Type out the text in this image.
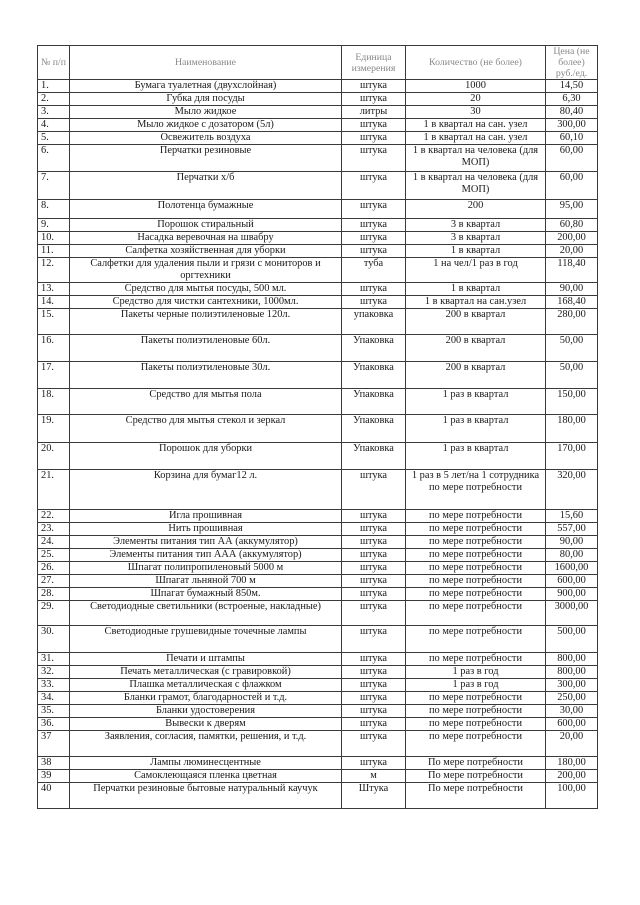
№ п/п	Наименование	Единица измерения	Количество (не более)	Цена (не более) руб./ед.
1.	Бумага туалетная (двухслойная)	штука	1000	14,50
2.	Губка для посуды	штука	20	6,30
3.	Мыло жидкое	литры	30	80,40
4.	Мыло жидкое с дозатором (5л)	штука	1 в квартал на сан. узел	300,00
5.	Освежитель воздуха	штука	1 в квартал на сан. узел	60,10
6.	Перчатки резиновые	штука	1 в квартал на человека (для МОП)	60,00
7.	Перчатки х/б	штука	1 в квартал на человека (для МОП)	60,00
8.	Полотенца бумажные	штука	200	95,00
9.	Порошок стиральный	штука	3 в квартал	60,80
10.	Насадка веревочная на швабру	штука	3 в квартал	200,00
11.	Салфетка хозяйственная для уборки	штука	1 в квартал	20,00
12.	Салфетки для удаления пыли и грязи с мониторов и оргтехники	туба	1 на чел/1 раз в год	118,40
13.	Средство для мытья посуды, 500 мл.	штука	1 в квартал	90,00
14.	Средство для чистки сантехники, 1000мл.	штука	1 в квартал на сан.узел	168,40
15.	Пакеты черные полиэтиленовые 120л.	упаковка	200 в квартал	280,00
16.	Пакеты полиэтиленовые 60л.	Упаковка	200 в квартал	50,00
17.	Пакеты полиэтиленовые 30л.	Упаковка	200 в квартал	50,00
18.	Средство для мытья пола	Упаковка	1 раз в квартал	150,00
19.	Средство для мытья стекол и зеркал	Упаковка	1 раз в квартал	180,00
20.	Порошок для уборки	Упаковка	1 раз в квартал	170,00
21.	Корзина для бумаг12 л.	штука	1 раз в 5 лет/на 1 сотрудника по мере потребности	320,00
22.	Игла прошивная	штука	по мере потребности	15,60
23.	Нить прошивная	штука	по мере потребности	557,00
24.	Элементы питания тип АА (аккумулятор)	штука	по мере потребности	90,00
25.	Элементы питания тип ААА (аккумулятор)	штука	по мере потребности	80,00
26.	Шпагат полипропиленовый 5000 м	штука	по мере потребности	1600,00
27.	Шпагат льняной 700 м	штука	по мере потребности	600,00
28.	Шпагат бумажный 850м.	штука	по мере потребности	900,00
29.	Светодиодные светильники (встроеные, накладные)	штука	по мере потребности	3000,00
30.	Светодиодные грушевидные точечные лампы	штука	по мере потребности	500,00
31.	Печати и штампы	штука	по мере потребности	800,00
32.	Печать металлическая (с гравировкой)	штука	1 раз в год	800,00
33.	Плашка металлическая с флажком	штука	1 раз в год	300,00
34.	Бланки грамот, благодарностей и т.д.	штука	по мере потребности	250,00
35.	Бланки удостоверения	штука	по мере потребности	30,00
36.	Вывески к дверям	штука	по мере потребности	600,00
37	Заявления, согласия, памятки, решения, и т.д.	штука	по мере потребности	20,00
38	Лампы люминесцентные	штука	По мере потребности	180,00
39	Самоклеющаяся пленка цветная	м	По мере потребности	200,00
40	Перчатки резиновые бытовые натуральный каучук	Штука	По мере потребности	100,00
